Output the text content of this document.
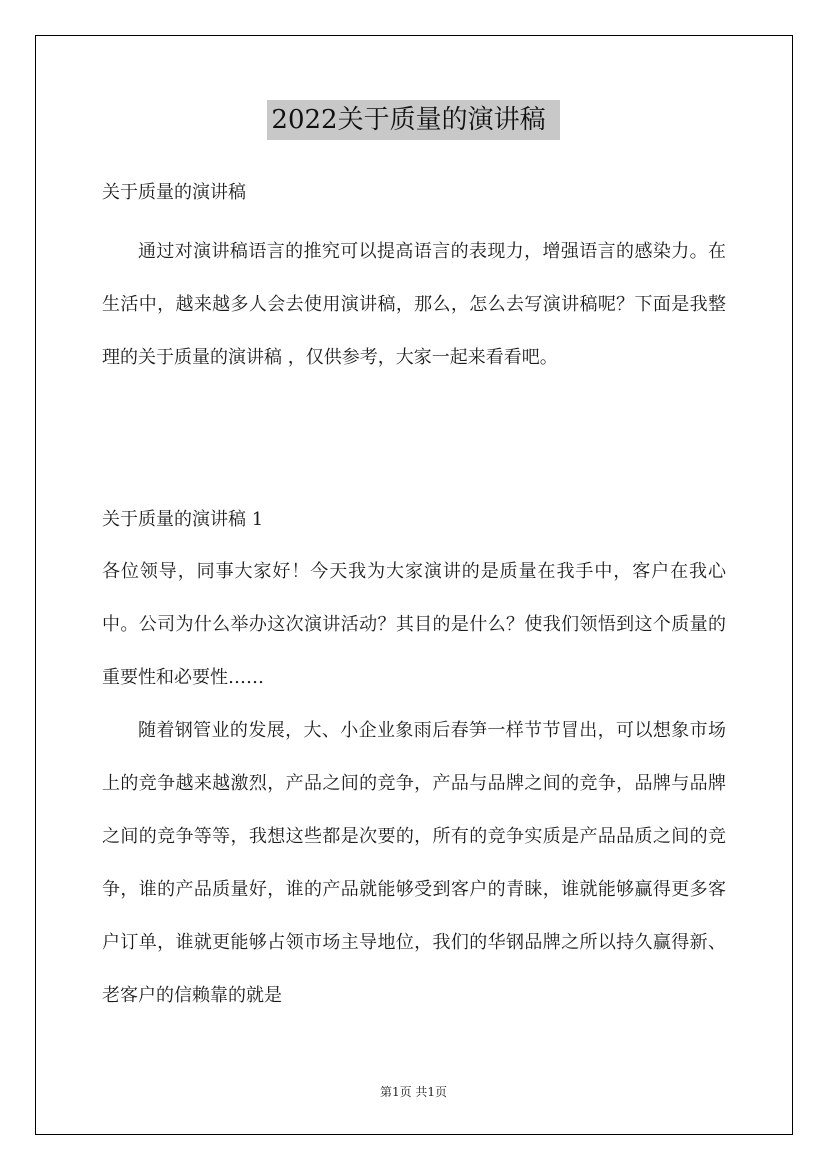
2022关于质量的演讲稿
关于质量的演讲稿

通过对演讲稿语言的推究可以提高语言的表现力，增强语言的感染力。在生活中，越来越多人会去使用演讲稿，那么，怎么去写演讲稿呢？下面是我整理的关于质量的演讲稿 ，仅供参考，大家一起来看看吧。

关于质量的演讲稿 1

各位领导，同事大家好！今天我为大家演讲的是质量在我手中，客户在我心中。公司为什么举办这次演讲活动？其目的是什么？使我们领悟到这个质量的重要性和必要性……

随着钢管业的发展，大、小企业象雨后春笋一样节节冒出，可以想象市场上的竞争越来越激烈，产品之间的竞争，产品与品牌之间的竞争，品牌与品牌之间的竞争等等，我想这些都是次要的，所有的竞争实质是产品品质之间的竞争，谁的产品质量好，谁的产品就能够受到客户的青睐，谁就能够赢得更多客户订单，谁就更能够占领市场主导地位，我们的华钢品牌之所以持久赢得新、老客户的信赖靠的就是

第1页 共1页
